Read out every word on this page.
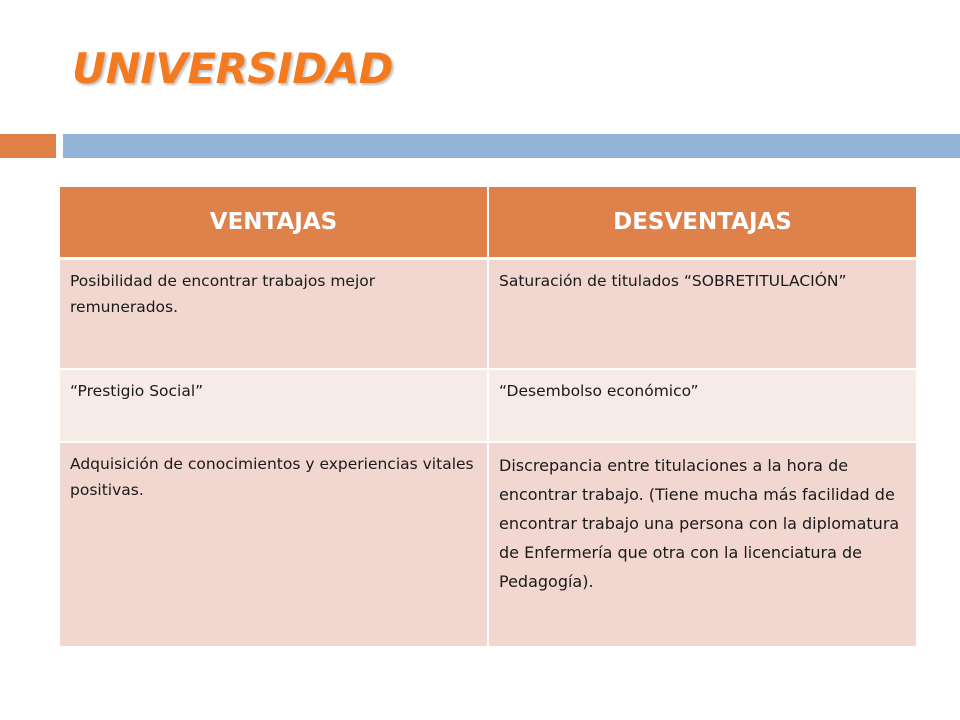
UNIVERSIDAD
VENTAJAS	DESVENTAJAS
Posibilidad de encontrar trabajos mejor remunerados.	Saturación de titulados “SOBRETITULACIÓN”
“Prestigio Social”	“Desembolso económico”
Adquisición de conocimientos y experiencias vitales positivas.	Discrepancia entre titulaciones a la hora de encontrar trabajo. (Tiene mucha más facilidad de encontrar trabajo una persona con la diplomatura de Enfermería que otra con la licenciatura de Pedagogía).
